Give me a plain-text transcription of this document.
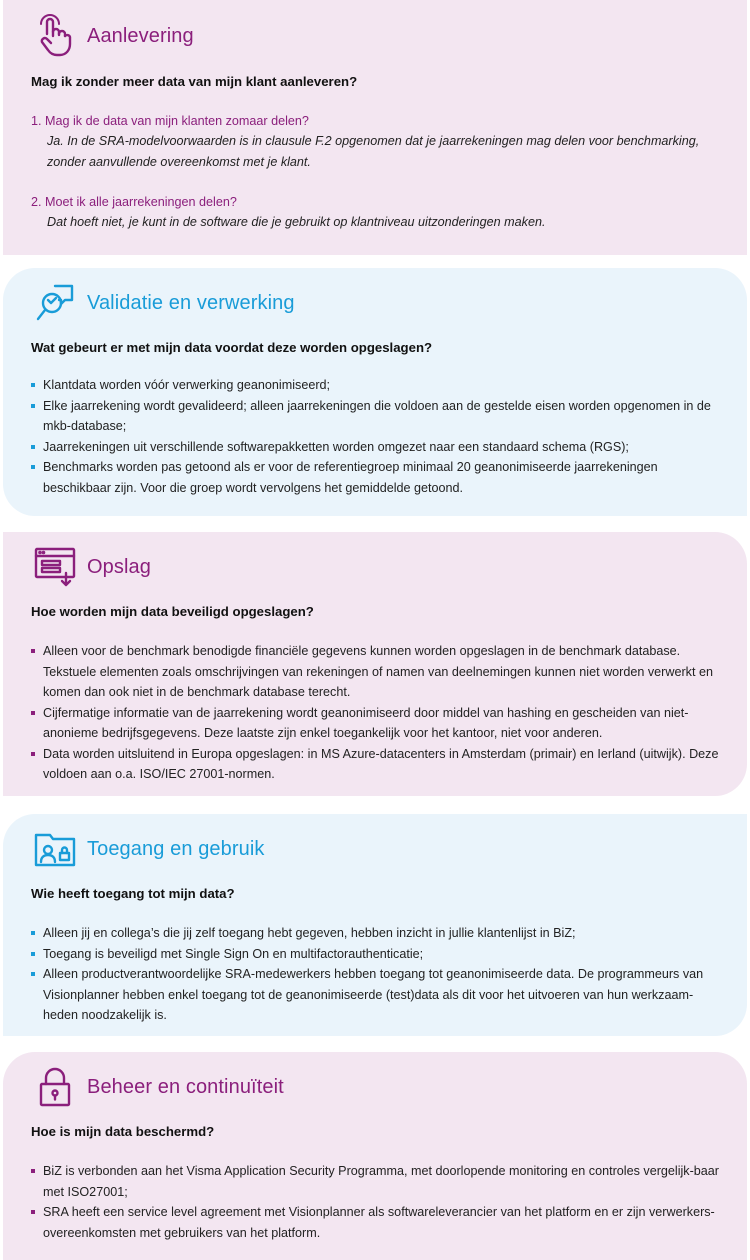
Aanlevering

Mag ik zonder meer data van mijn klant aanleveren?

1. Mag ik de data van mijn klanten zomaar delen?

Ja. In de SRA-modelvoorwaarden is in clausule F.2 opgenomen dat je jaarrekeningen mag delen voor benchmarking, zonder aanvullende overeenkomst met je klant.

2. Moet ik alle jaarrekeningen delen?

Dat hoeft niet, je kunt in de software die je gebruikt op klantniveau uitzonderingen maken.

Validatie en verwerking

Wat gebeurt er met mijn data voordat deze worden opgeslagen?

Klantdata worden vóór verwerking geanonimiseerd;
Elke jaarrekening wordt gevalideerd; alleen jaarrekeningen die voldoen aan de gestelde eisen worden opgenomen in de mkb-database;
Jaarrekeningen uit verschillende softwarepakketten worden omgezet naar een standaard schema (RGS);
Benchmarks worden pas getoond als er voor de referentiegroep minimaal 20 geanonimiseerde jaarrekeningen beschikbaar zijn. Voor die groep wordt vervolgens het gemiddelde getoond.
Opslag

Hoe worden mijn data beveiligd opgeslagen?

Alleen voor de benchmark benodigde financiële gegevens kunnen worden opgeslagen in de benchmark database. Tekstuele elementen zoals omschrijvingen van rekeningen of namen van deelnemingen kunnen niet worden verwerkt en komen dan ook niet in de benchmark database terecht.
Cijfermatige informatie van de jaarrekening wordt geanonimiseerd door middel van hashing en gescheiden van niet-anonieme bedrijfsgegevens. Deze laatste zijn enkel toegankelijk voor het kantoor, niet voor anderen.
Data worden uitsluitend in Europa opgeslagen: in MS Azure-datacenters in Amsterdam (primair) en Ierland (uitwijk). Deze voldoen aan o.a. ISO/IEC 27001-normen.
Toegang en gebruik

Wie heeft toegang tot mijn data?

Alleen jij en collega’s die jij zelf toegang hebt gegeven, hebben inzicht in jullie klantenlijst in BiZ;
Toegang is beveiligd met Single Sign On en multifactorauthenticatie;
Alleen productverantwoordelijke SRA-medewerkers hebben toegang tot geanonimiseerde data. De programmeurs van Visionplanner hebben enkel toegang tot de geanonimiseerde (test)data als dit voor het uitvoeren van hun werkzaam-heden noodzakelijk is.
Beheer en continuïteit

Hoe is mijn data beschermd?

BiZ is verbonden aan het Visma Application Security Programma, met doorlopende monitoring en controles vergelijk-baar met ISO27001;
SRA heeft een service level agreement met Visionplanner als softwareleverancier van het platform en er zijn verwerkers-overeenkomsten met gebruikers van het platform.
